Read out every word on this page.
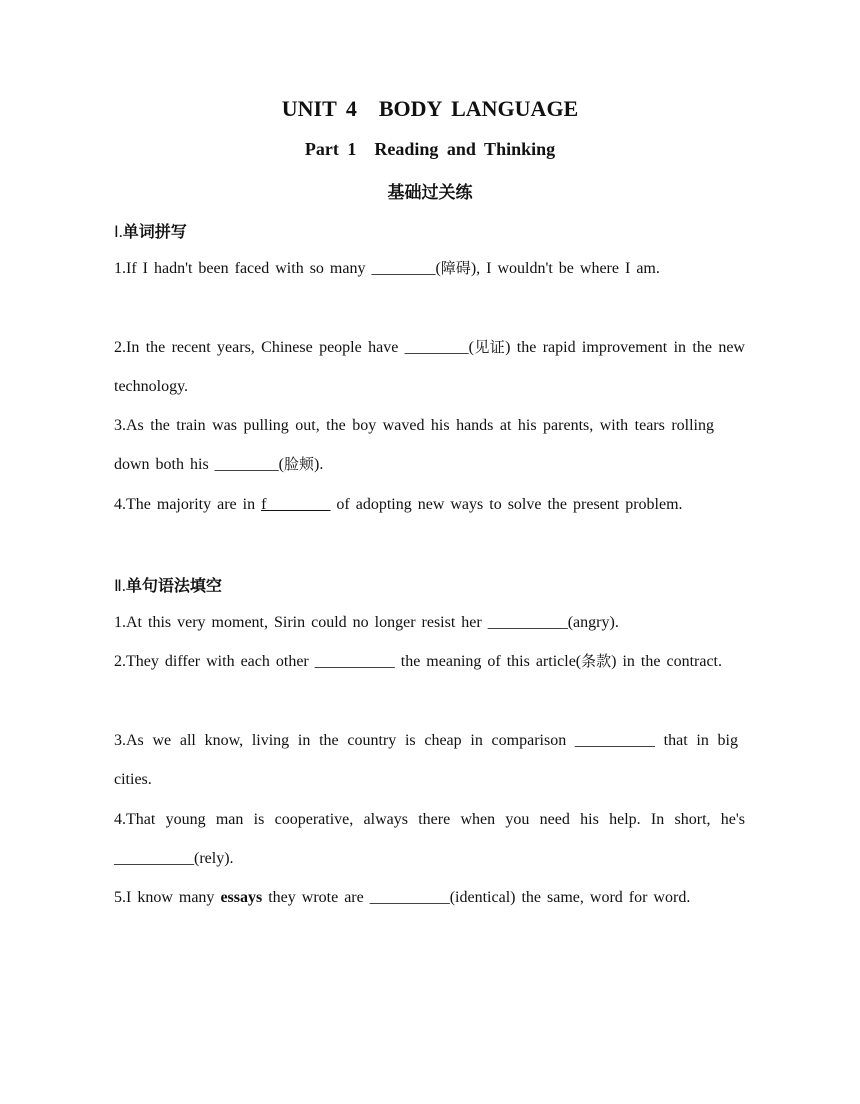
UNIT 4 BODY LANGUAGE
Part 1 Reading and Thinking
基础过关练

Ⅰ.单词拼写

1.If I hadn't been faced with so many ________(障碍), I wouldn't be where I am.

2.In the recent years, Chinese people have ________(见证) the rapid improvement in the new technology.

3.As the train was pulling out, the boy waved his hands at his parents, with tears rolling down both his ________(脸颊).

4.The majority are in f________ of adopting new ways to solve the present problem.

Ⅱ.单句语法填空

1.At this very moment, Sirin could no longer resist her __________(angry).

2.They differ with each other __________ the meaning of this article(条款) in the contract.

3.As we all know, living in the country is cheap in comparison __________ that in big cities.

4.That young man is cooperative, always there when you need his help. In short, he's __________(rely).

5.I know many essays they wrote are __________(identical) the same, word for word.
